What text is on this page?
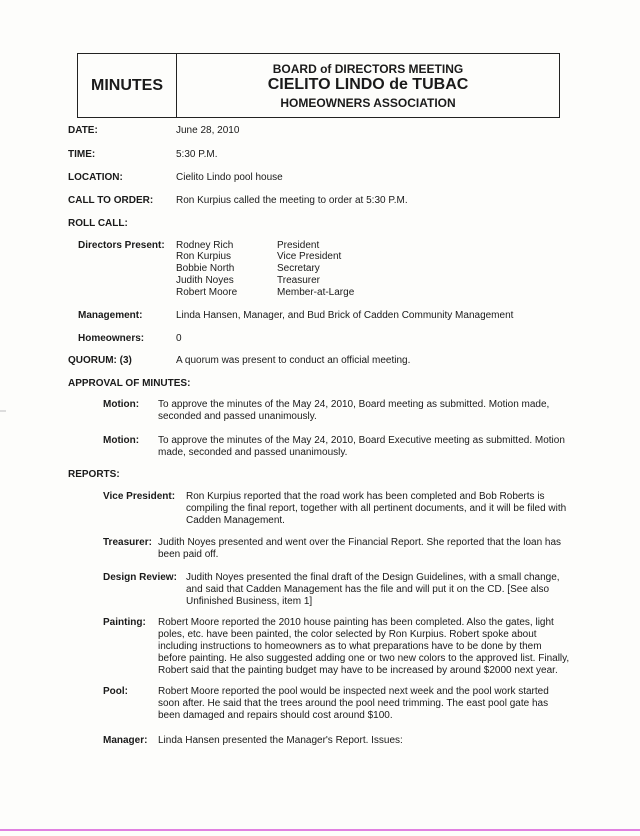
MINUTES
BOARD of DIRECTORS MEETING
CIELITO LINDO de TUBAC
HOMEOWNERS ASSOCIATION
DATE:	June 28, 2010
TIME:	5:30 P.M.
LOCATION:	Cielito Lindo pool house
CALL TO ORDER: Ron Kurpius called the meeting to order at 5:30 P.M.
ROLL CALL:
Directors Present: Rodney Rich	President
Ron Kurpius	Vice President
Bobbie North	Secretary
Judith Noyes	Treasurer
Robert Moore	Member-at-Large
Management:	Linda Hansen, Manager, and Bud Brick of Cadden Community Management
Homeowners:	0
QUORUM: (3)	A quorum was present to conduct an official meeting.
APPROVAL OF MINUTES:
Motion: To approve the minutes of the May 24, 2010, Board meeting as submitted. Motion made, seconded and passed unanimously.
Motion: To approve the minutes of the May 24, 2010, Board Executive meeting as submitted. Motion made, seconded and passed unanimously.
REPORTS:
Vice President: Ron Kurpius reported that the road work has been completed and Bob Roberts is compiling the final report, together with all pertinent documents, and it will be filed with Cadden Management.
Treasurer: Judith Noyes presented and went over the Financial Report. She reported that the loan has been paid off.
Design Review: Judith Noyes presented the final draft of the Design Guidelines, with a small change, and said that Cadden Management has the file and will put it on the CD. [See also Unfinished Business, item 1]
Painting: Robert Moore reported the 2010 house painting has been completed. Also the gates, light poles, etc. have been painted, the color selected by Ron Kurpius. Robert spoke about including instructions to homeowners as to what preparations have to be done by them before painting. He also suggested adding one or two new colors to the approved list. Finally, Robert said that the painting budget may have to be increased by around $2000 next year.
Pool:	Robert Moore reported the pool would be inspected next week and the pool work started soon after. He said that the trees around the pool need trimming. The east pool gate has been damaged and repairs should cost around $100.
Manager: Linda Hansen presented the Manager's Report. Issues:
